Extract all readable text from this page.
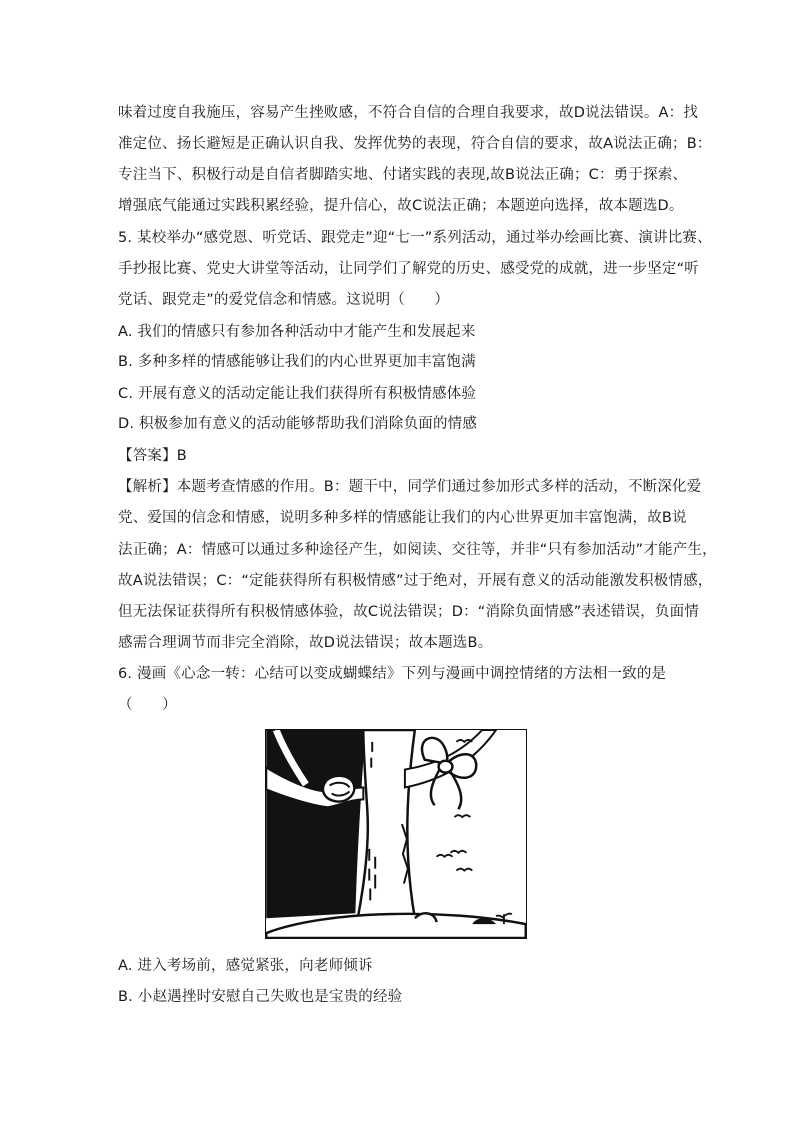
味着过度自我施压，容易产生挫败感，不符合自信的合理自我要求，故D说法错误。A：找
准定位、扬长避短是正确认识自我、发挥优势的表现，符合自信的要求，故A说法正确；B：
专注当下、积极行动是自信者脚踏实地、付诸实践的表现,故B说法正确；C：勇于探索、
增强底气能通过实践积累经验，提升信心，故C说法正确；本题逆向选择，故本题选D。
5. 某校举办“感党恩、听党话、跟党走”迎“七一”系列活动，通过举办绘画比赛、演讲比赛、
手抄报比赛、党史大讲堂等活动，让同学们了解党的历史、感受党的成就，进一步坚定“听
党话、跟党走”的爱党信念和情感。这说明（　　）
A. 我们的情感只有参加各种活动中才能产生和发展起来
B. 多种多样的情感能够让我们的内心世界更加丰富饱满
C. 开展有意义的活动定能让我们获得所有积极情感体验
D. 积极参加有意义的活动能够帮助我们消除负面的情感
【答案】B
【解析】本题考查情感的作用。B：题干中，同学们通过参加形式多样的活动，不断深化爱
党、爱国的信念和情感，说明多种多样的情感能让我们的内心世界更加丰富饱满，故B说
法正确；A：情感可以通过多种途径产生，如阅读、交往等，并非“只有参加活动”才能产生，
故A说法错误；C：“定能获得所有积极情感”过于绝对，开展有意义的活动能激发积极情感，
但无法保证获得所有积极情感体验，故C说法错误；D：“消除负面情感”表述错误，负面情
感需合理调节而非完全消除，故D说法错误；故本题选B。
6. 漫画《心念一转：心结可以变成蝴蝶结》下列与漫画中调控情绪的方法相一致的是
（　　）
A. 进入考场前，感觉紧张，向老师倾诉
B. 小赵遇挫时安慰自己失败也是宝贵的经验
